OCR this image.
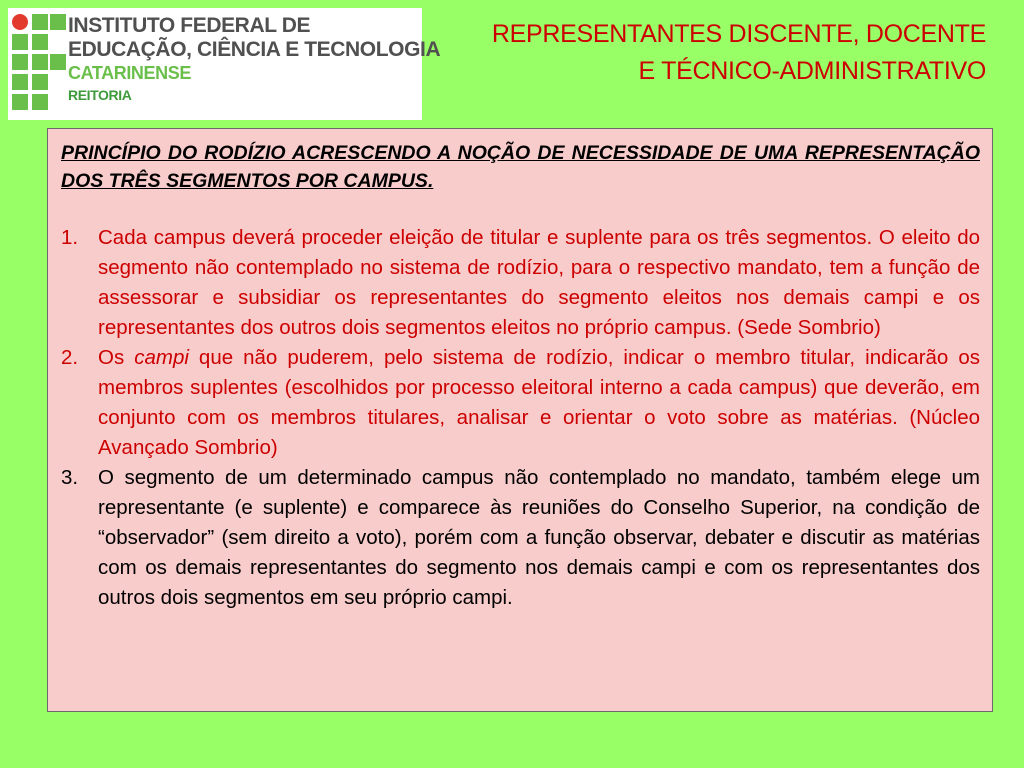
INSTITUTO FEDERAL DE
EDUCAÇÃO, CIÊNCIA E TECNOLOGIA
CATARINENSE
REITORIA
REPRESENTANTES DISCENTE, DOCENTE
E TÉCNICO-ADMINISTRATIVO
PRINCÍPIO DO RODÍZIO ACRESCENDO A NOÇÃO DE NECESSIDADE DE UMA REPRESENTAÇÃO DOS TRÊS SEGMENTOS POR CAMPUS.
1. Cada campus deverá proceder eleição de titular e suplente para os três segmentos. O eleito do segmento não contemplado no sistema de rodízio, para o respectivo mandato, tem a função de assessorar e subsidiar os representantes do segmento eleitos nos demais campi e os representantes dos outros dois segmentos eleitos no próprio campus. (Sede Sombrio)
2. Os campi que não puderem, pelo sistema de rodízio, indicar o membro titular, indicarão os membros suplentes (escolhidos por processo eleitoral interno a cada campus) que deverão, em conjunto com os membros titulares, analisar e orientar o voto sobre as matérias. (Núcleo Avançado Sombrio)
3. O segmento de um determinado campus não contemplado no mandato, também elege um representante (e suplente) e comparece às reuniões do Conselho Superior, na condição de “observador” (sem direito a voto), porém com a função observar, debater e discutir as matérias com os demais representantes do segmento nos demais campi e com os representantes dos outros dois segmentos em seu próprio campi.
